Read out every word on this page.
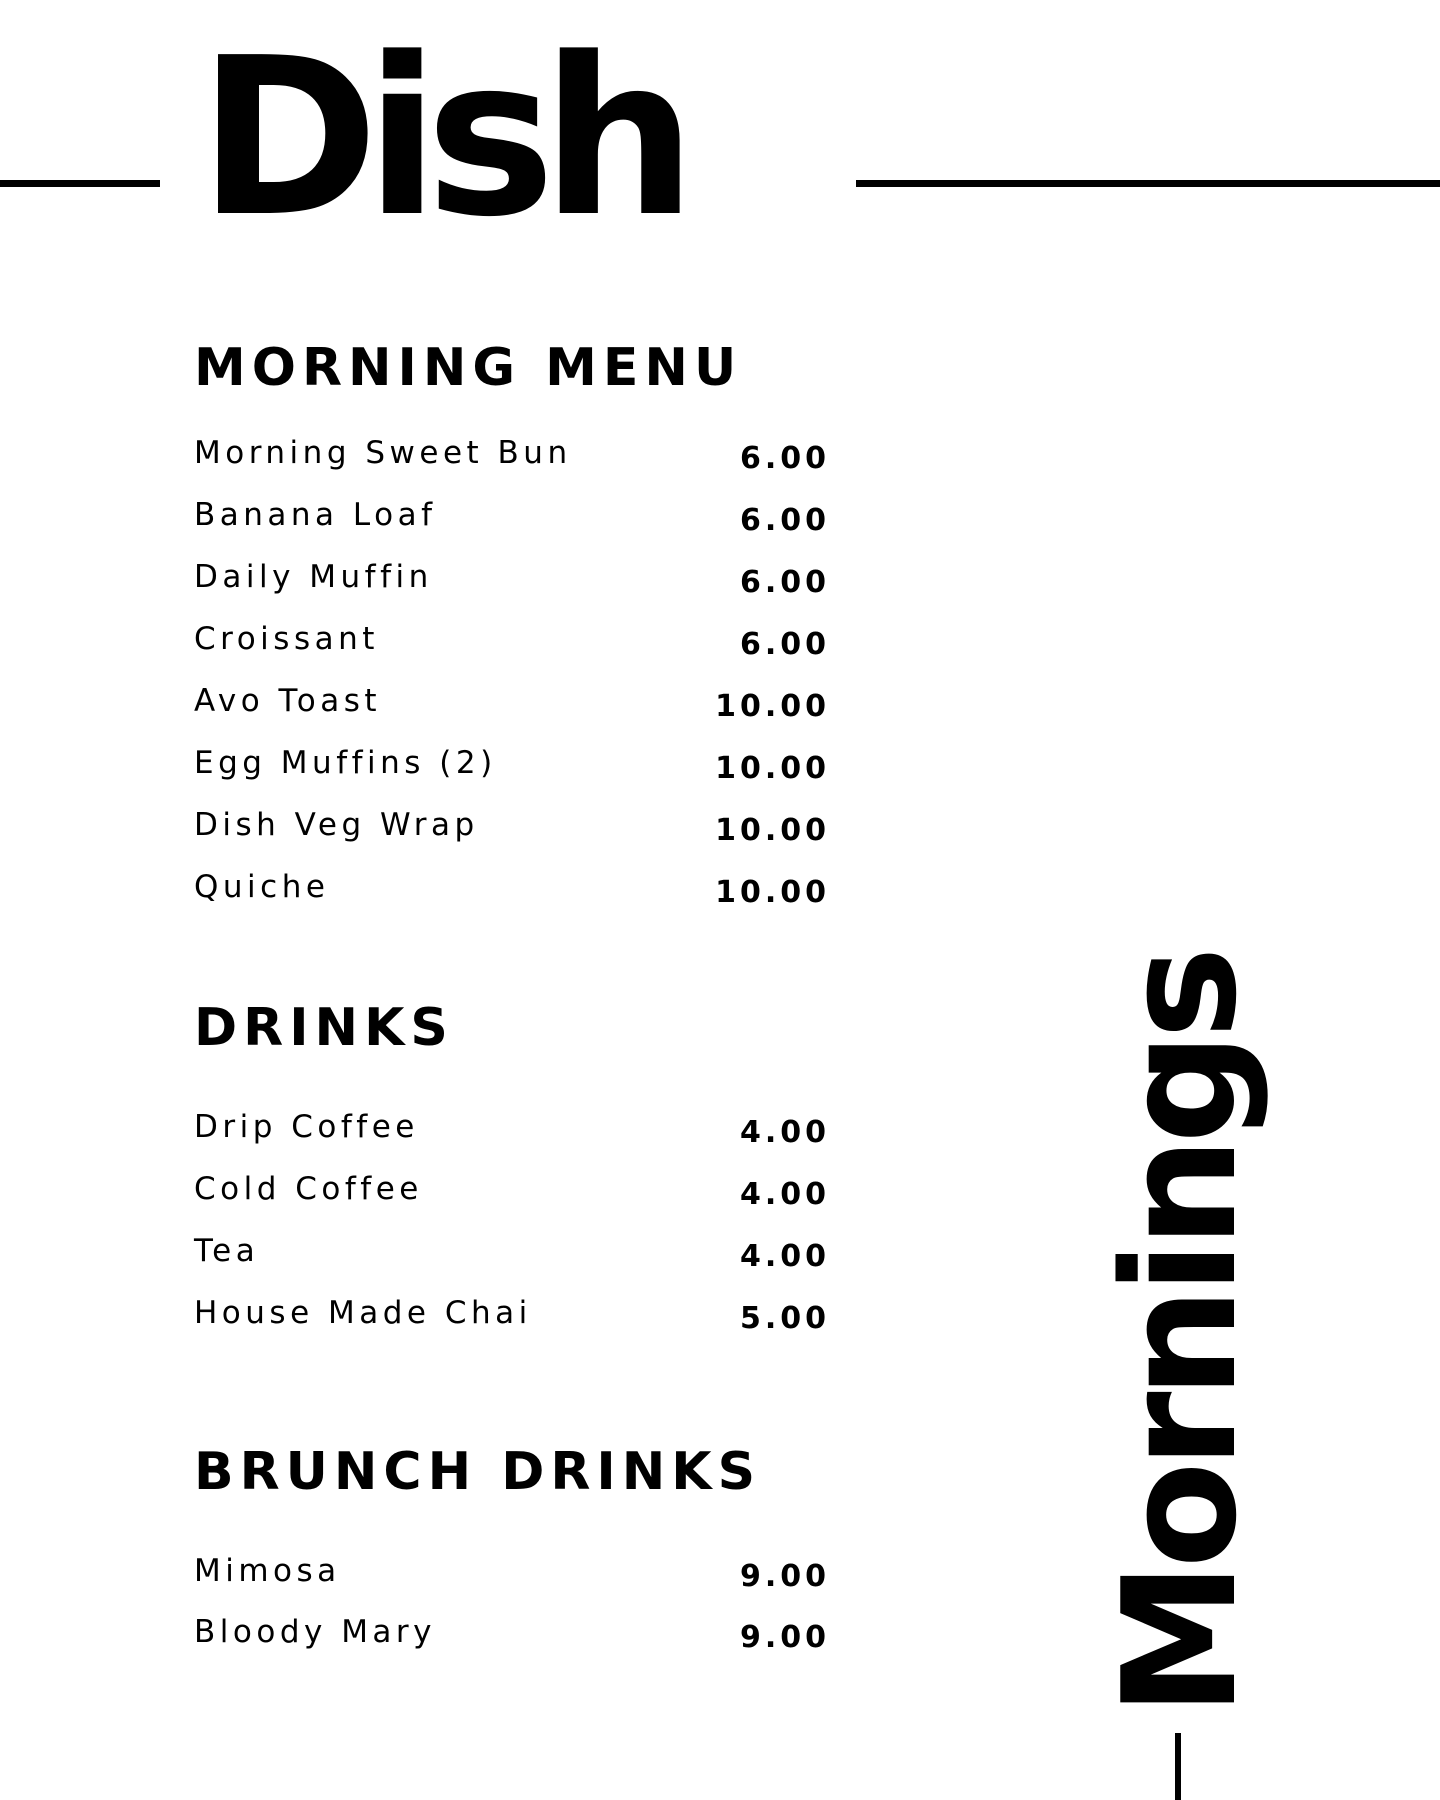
Dish
MORNING MENU
Morning Sweet Bun	6.00
Banana Loaf	6.00
Daily Muffin	6.00
Croissant	6.00
Avo Toast	10.00
Egg Muffins (2)	10.00
Dish Veg Wrap	10.00
Quiche	10.00
DRINKS
Drip Coffee	4.00
Cold Coffee	4.00
Tea	4.00
House Made Chai	5.00
BRUNCH DRINKS
Mimosa	9.00
Bloody Mary	9.00 Mornings
